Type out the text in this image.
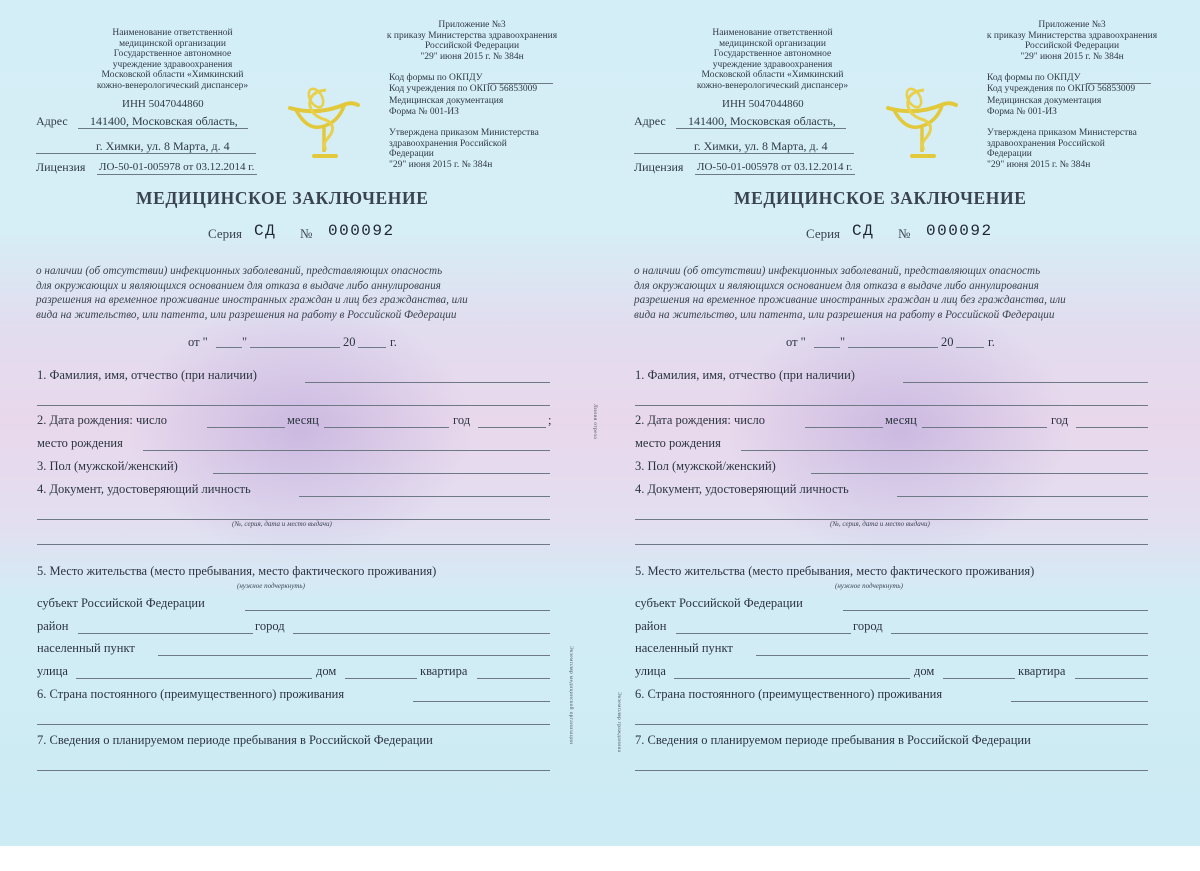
Наименование ответственной
медицинской организации
Государственное автономное
учреждение здравоохранения
Московской области «Химкинский
кожно-венерологический диспансер»
ИНН 5047044860
Адрес 141400, Московская область,
г. Химки, ул. 8 Марта, д. 4
Лицензия ЛО-50-01-005978 от 03.12.2014 г.
Приложение №3
к приказу Министерства здравоохранения
Российской Федерации
"29" июня 2015 г. № 384н
Код формы по ОКПДУ
Код учреждения по ОКПО 56853009
Медицинская документация
Форма № 001-ИЗ
Утверждена приказом Министерства
здравоохранения Российской
Федерации
"29" июня 2015 г. № 384н
МЕДИЦИНСКОЕ ЗАКЛЮЧЕНИЕ
Серия СД № 000092
о наличии (об отсутствии) инфекционных заболеваний, представляющих опасность
для окружающих и являющихся основанием для отказа в выдаче либо аннулирования
разрешения на временное проживание иностранных граждан и лиц без гражданства, или
вида на жительство, или патента, или разрешения на работу в Российской Федерации
от "	"	20	г.
1. Фамилия, имя, отчество (при наличии)
2. Дата рождения: число	месяц	год	;
место рождения
3. Пол (мужской/женский)
4. Документ, удостоверяющий личность
(№, серия, дата и место выдачи)
5. Место жительства (место пребывания, место фактического проживания)
(нужное подчеркнуть)
субъект Российской Федерации
район	город
населенный пункт
улица	дом	квартира
6. Страна постоянного (преимущественного) проживания
7. Сведения о планируемом периоде пребывания в Российской Федерации
Линия отреза
Экземпляр медицинской организации
Наименование ответственной
медицинской организации
Государственное автономное
учреждение здравоохранения
Московской области «Химкинский
кожно-венерологический диспансер»
ИНН 5047044860
Адрес 141400, Московская область,
г. Химки, ул. 8 Марта, д. 4
Лицензия ЛО-50-01-005978 от 03.12.2014 г.
Приложение №3
к приказу Министерства здравоохранения
Российской Федерации
"29" июня 2015 г. № 384н
Код формы по ОКПДУ
Код учреждения по ОКПО 56853009
Медицинская документация
Форма № 001-ИЗ
Утверждена приказом Министерства
здравоохранения Российской
Федерации
"29" июня 2015 г. № 384н
МЕДИЦИНСКОЕ ЗАКЛЮЧЕНИЕ
Серия СД № 000092
о наличии (об отсутствии) инфекционных заболеваний, представляющих опасность
для окружающих и являющихся основанием для отказа в выдаче либо аннулирования
разрешения на временное проживание иностранных граждан и лиц без гражданства, или
вида на жительство, или патента, или разрешения на работу в Российской Федерации
от "	"	20	г.
1. Фамилия, имя, отчество (при наличии)
2. Дата рождения: число	месяц	год
место рождения
3. Пол (мужской/женский)
4. Документ, удостоверяющий личность
(№, серия, дата и место выдачи)
5. Место жительства (место пребывания, место фактического проживания)
(нужное подчеркнуть)
субъект Российской Федерации
район	город
населенный пункт
улица	дом	квартира
6. Страна постоянного (преимущественного) проживания
7. Сведения о планируемом периоде пребывания в Российской Федерации
Экземпляр гражданина
